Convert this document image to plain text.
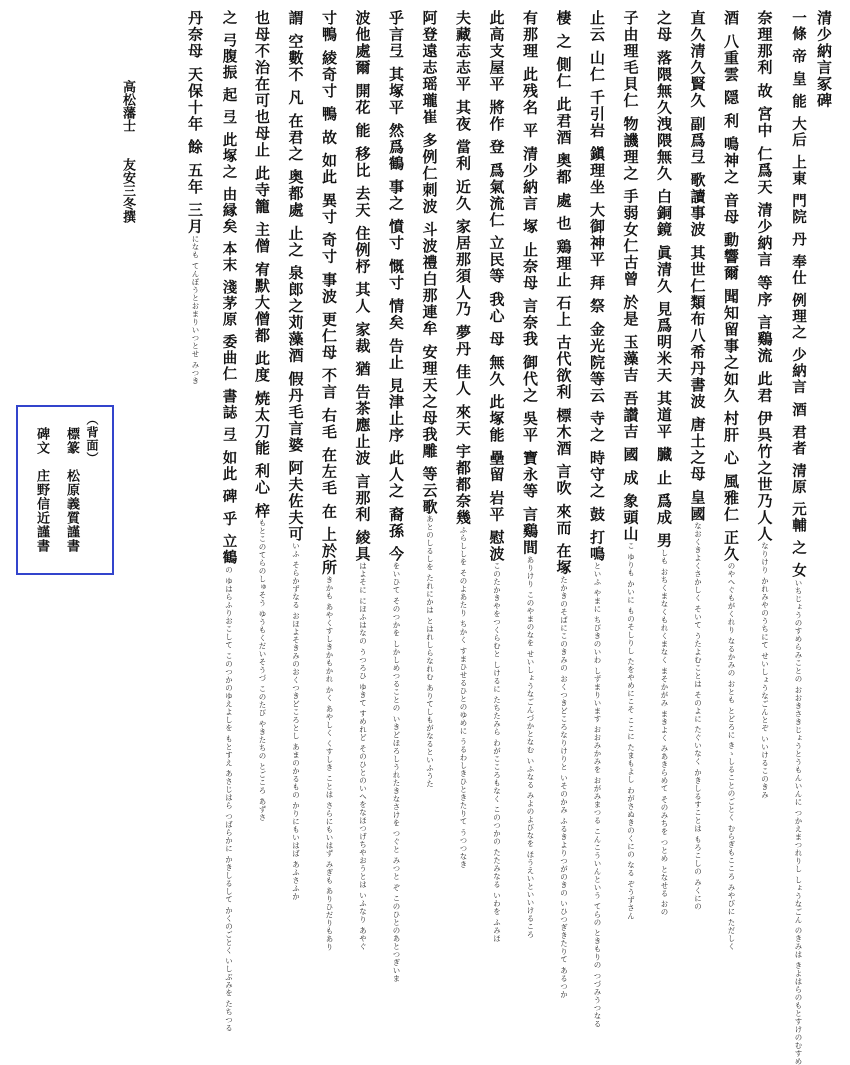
清少納言冢碑
一條 帝 皇 能 大后 上東 門院 丹 奉仕 例理之 少納言 酒 君者 清原 元輔 之 女いちじょうのすめらみことの おおきさきじょうとうもんいんに つかえまつれりし しょうなごん のきみは きよはらのもとすけのむすめ
奈理那利 故 宮中 仁爲天 清少納言 等序 言鷄流 此君 伊呉竹之世乃人人なりけり かれみやのうちにて せいしょうなごんとぞ いいけるこのきみ
酒 八重雲 隠 利 鳴神之 音母 動響爾 聞知留事之如久 村肝 心 風雅仁 正久のやへぐもがくれり なるかみの おとも とどろに きゝしることのごとく むらぎもこころ みやびに ただしく
直久清久賢久 副爲弖 歌讀事波 其世仁類布八希丹書波 唐土之母 皇國なおくきよくさかしく そいて うたよむことは そのよに たぐいなく かきしるすことは もろこしの みくにの
之母 落隈無久洩隈無久 白銅鏡 眞清久 見爲明米天 其道平 臓 止 爲成 男しも おちくまなくもれくまなく まそかがみ まきよく みあきらめて そのみちを つとめ となせる おの
子由理毛貝仁 物譏理之 手弱女仁古曾 於是 玉藻吉 吾讃吉 國 成 象頭山こ ゆりも かいに ものそしりし たをやめにこそ ここに たまもよし わがさぬきのくにの なる ぞうずさん
止云 山仁 千引岩 鎭理坐 大御神平 拜 祭 金光院等云 寺之 時守之 鼓 打鳴といふ やまに ちびきのいわ しずまりいます おおみかみを おがみまつる こんこういんという てらの ときもりの つづみうつなる
棲 之 側仁 此君酒 奥都 處 也 鶏理止 石上 古代欲利 標木酒 言吹 來而 在塚たかきのそばにこのきみの おくつきどころなりけりと いそのかみ ふるきよりつがのきの いひつぎきたりて あるつか
有那理 此残名 平 清少納言 塚 止奈母 言奈我 御代之 吳平 寶永等 言鷄間ありけり このやまのなを せいしょうなごんづかとなむ いふなる みよのよびなを ほうえいといいけるころ
此高支屋平 將作 登 爲氣流仁 立民等 我心 母 無久 此塚能 壘留 岩平 慰波このたかきやをつくらむと しけるに たちたみら わがこころもなく このつかの たたみなる いわを ふみほ
夫藏志志平 其夜 當利 近久 家居那須人乃 夢丹 佳人 來天 宇都都奈幾ふらししを そのよあたり ちかく すまひせるひとのゆめに うるわしきひときたりて うつつなき
阿登遠志瑶瓏崔 多例仁刺波 斗波禮白那連牟 安理天之母我雕 等云歌あとのしるしを たれにかは とはれしらなれむ ありてしもがなるといふうた
乎言弖 其塚平 然爲鶴 事之 憤寸 慨寸 情矣 告止 見津止序 此人之 裔孫 今をいひて そのつかを しかしめつることの いきどほろしうれたきなさけを つぐと みつと ぞ このひとのあとつぎいま
波他處爾 開花 能 移比 去天 住例杼 其人 家裁 猶 告茶應止波 言那利 綾具はよそに にほふはなの うつろひ ゆきて すめれど そのひとのいへをなほつげちやおうとは いふなり あやぐ
寸鴨 綾奇寸 鴨 故 如此 異寸 奇寸 事波 更仁母 不言 右毛 在左毛 在 上於所きかも あやくすしきかもかれ かく あやしく くすしき ことは さらにもいはず みぎも ありひだりもあり
謂 空數不 凡 在君之 奥都處 止之 泉郎之苅藻酒 假丹毛言婆 阿夫佐夫可いふ そらかずなる おほよそきみのおくつきどころとし あまのかるもの かりにもいはば あふさふか
也母不治在可也母止 此寺籠 主僧 宥默大僧都 此度 焼太刀能 利心 梓もとこのてらのしゅそう ゆうもくだいそうづ このたび やきたちの とごころ あずさ
之 弓腹振 起 弖 此塚之 由縁矣 本末 淺茅原 委曲仁 書誌 弖 如此 碑 乎 立鶴の ゆはらふりおこして このつかのゆえよしを もとすえ あさじはら つばらかに かきしるして かくのごとく いしぶみを たちつる
丹奈母 天保十年 餘 五年 三月になも てんぽうとおまりいつとせ みつき
高松藩士　　友安三冬撰
（背面）
標篆　松原義質謹書
碑文　庄野信近謹書
